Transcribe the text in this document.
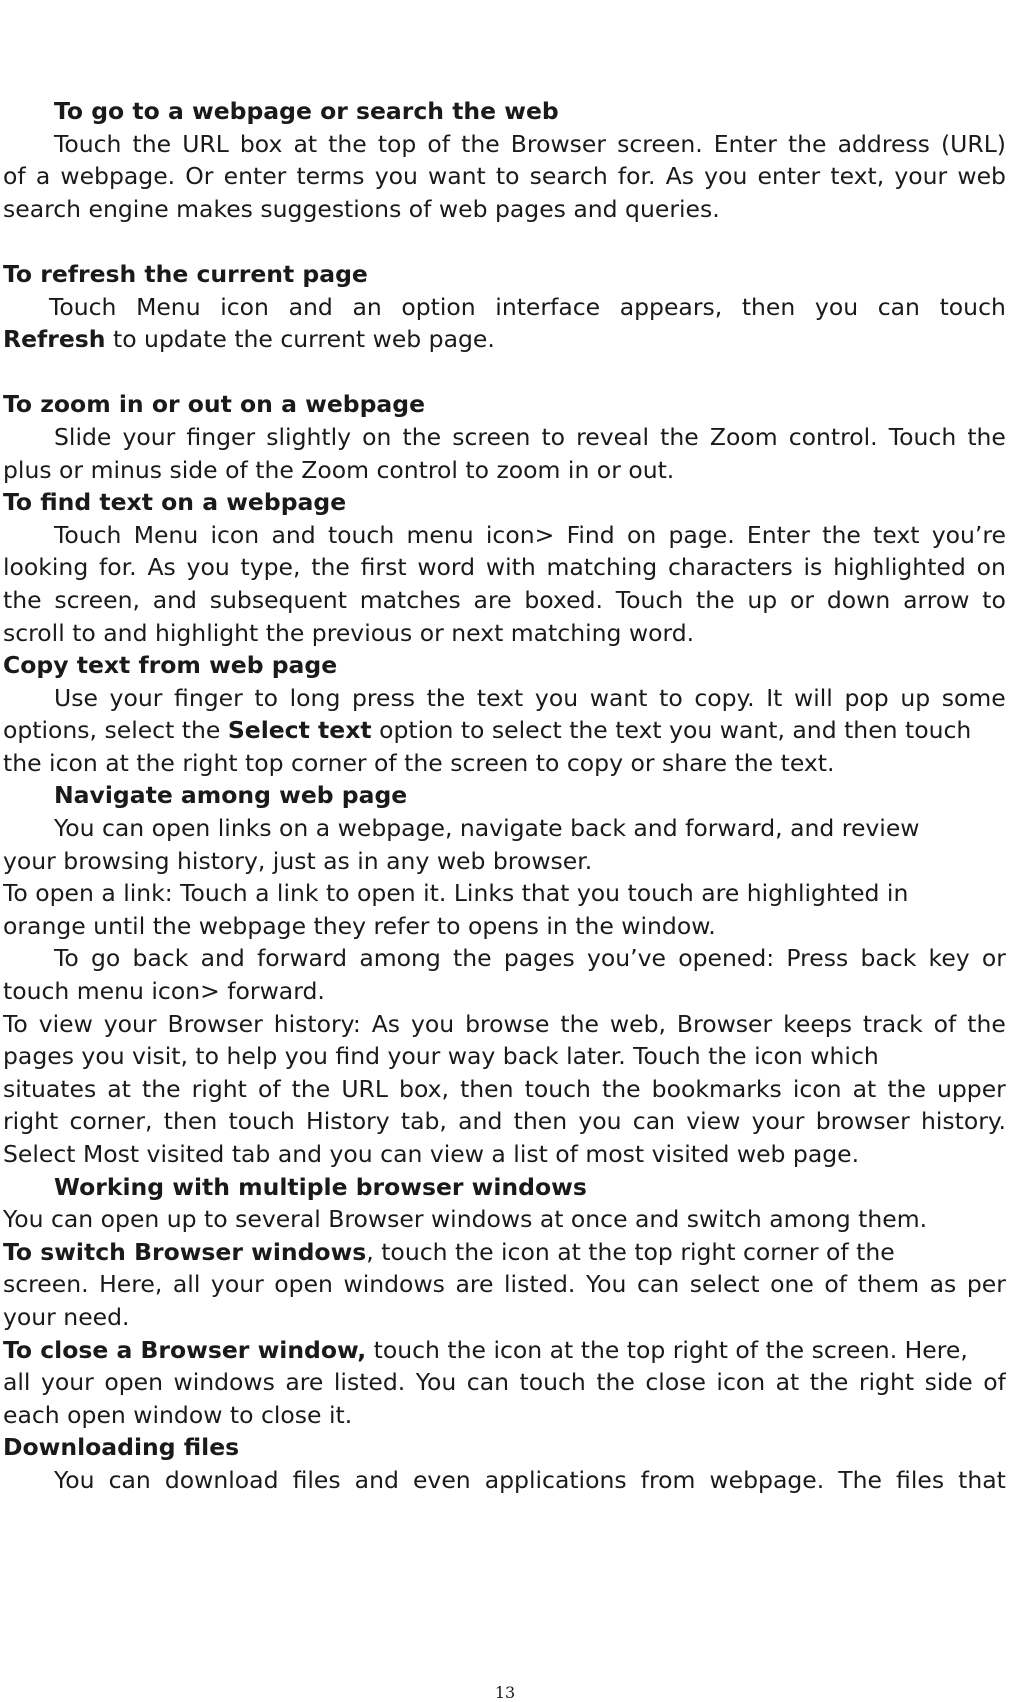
To go to a webpage or search the web
Touch the URL box at the top of the Browser screen. Enter the address (URL)
of a webpage. Or enter terms you want to search for. As you enter text, your web
search engine makes suggestions of web pages and queries.
To refresh the current page
Touch Menu icon and an option interface appears, then you can touch
Refresh to update the current web page.
To zoom in or out on a webpage
Slide your finger slightly on the screen to reveal the Zoom control. Touch the
plus or minus side of the Zoom control to zoom in or out.
To find text on a webpage
Touch Menu icon and touch menu icon> Find on page. Enter the text you’re
looking for. As you type, the first word with matching characters is highlighted on
the screen, and subsequent matches are boxed. Touch the up or down arrow to
scroll to and highlight the previous or next matching word.
Copy text from web page
Use your finger to long press the text you want to copy. It will pop up some
options, select the Select text option to select the text you want, and then touch
the icon at the right top corner of the screen to copy or share the text.
Navigate among web page
You can open links on a webpage, navigate back and forward, and review
your browsing history, just as in any web browser.
To open a link: Touch a link to open it. Links that you touch are highlighted in
orange until the webpage they refer to opens in the window.
To go back and forward among the pages you’ve opened: Press back key or
touch menu icon> forward.
To view your Browser history: As you browse the web, Browser keeps track of the
pages you visit, to help you find your way back later. Touch the icon which
situates at the right of the URL box, then touch the bookmarks icon at the upper
right corner, then touch History tab, and then you can view your browser history.
Select Most visited tab and you can view a list of most visited web page.
Working with multiple browser windows
You can open up to several Browser windows at once and switch among them.
To switch Browser windows, touch the icon at the top right corner of the
screen. Here, all your open windows are listed. You can select one of them as per
your need.
To close a Browser window, touch the icon at the top right of the screen. Here,
all your open windows are listed. You can touch the close icon at the right side of
each open window to close it.
Downloading files
You can download files and even applications from webpage. The files that
13
